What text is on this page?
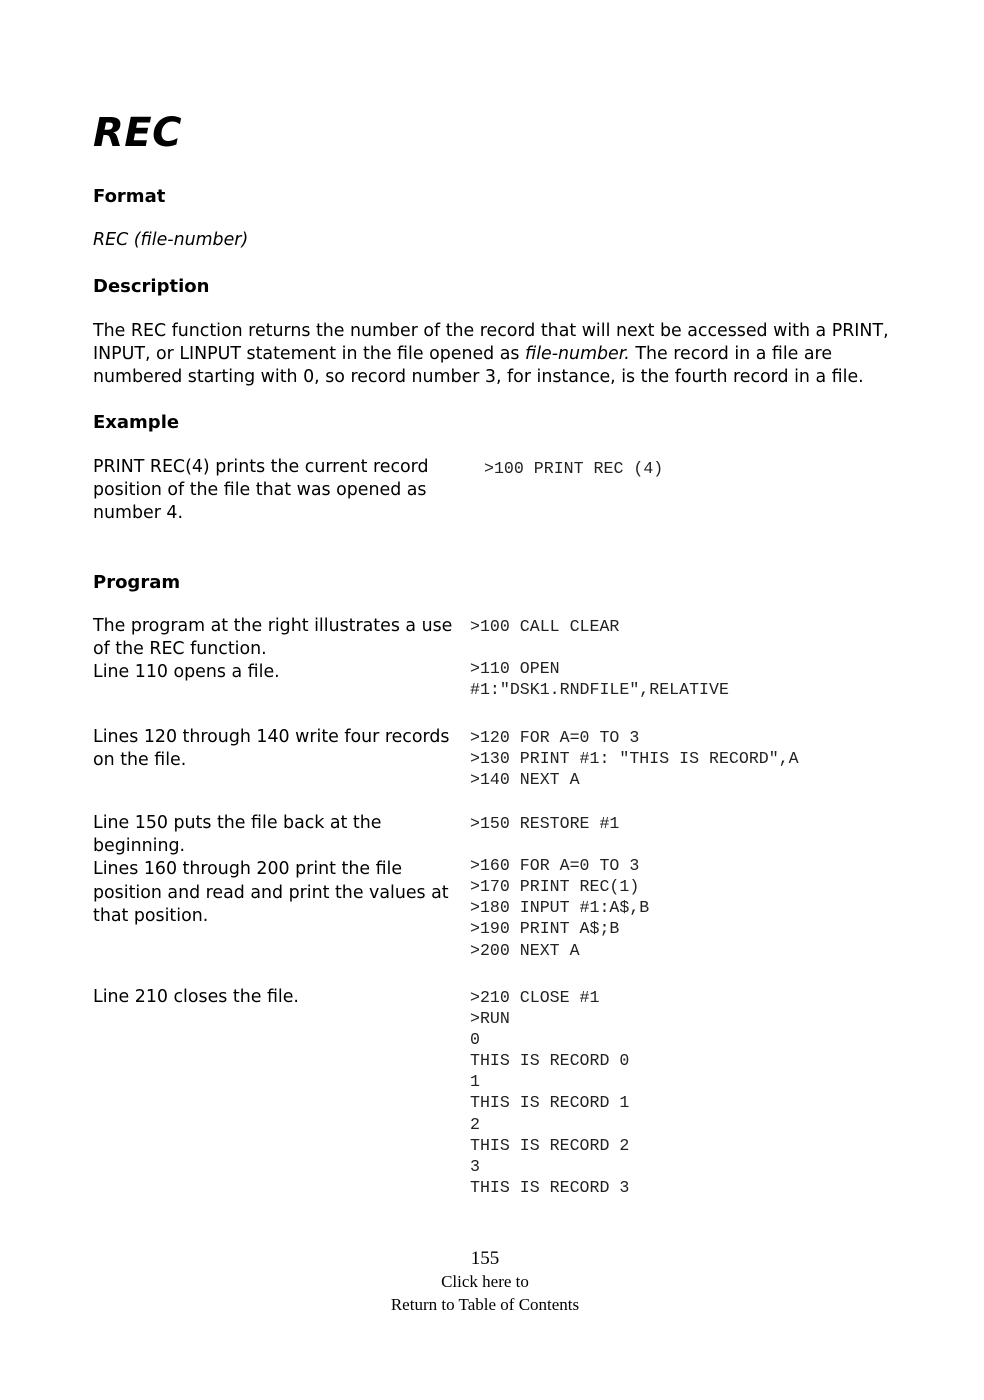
REC
Format
REC (file-number)
Description
The REC function returns the number of the record that will next be accessed with a PRINT,
INPUT, or LINPUT statement in the file opened as file-number. The record in a file are
numbered starting with 0, so record number 3, for instance, is the fourth record in a file.
Example
PRINT REC(4) prints the current record
position of the file that was opened as
number 4.
>100 PRINT REC (4)
Program
The program at the right illustrates a use
of the REC function.
Line 110 opens a file.
>100 CALL CLEAR

>110 OPEN
#1:"DSK1.RNDFILE",RELATIVE
Lines 120 through 140 write four records
on the file.
>120 FOR A=0 TO 3
>130 PRINT #1: "THIS IS RECORD",A
>140 NEXT A
Line 150 puts the file back at the
beginning.
Lines 160 through 200 print the file
position and read and print the values at
that position.
>150 RESTORE #1

>160 FOR A=0 TO 3
>170 PRINT REC(1)
>180 INPUT #1:A$,B
>190 PRINT A$;B
>200 NEXT A
Line 210 closes the file.	>210 CLOSE #1
>RUN
0
THIS IS RECORD 0
1
THIS IS RECORD 1
2
THIS IS RECORD 2
3
THIS IS RECORD 3
155
Click here to
Return to Table of Contents
